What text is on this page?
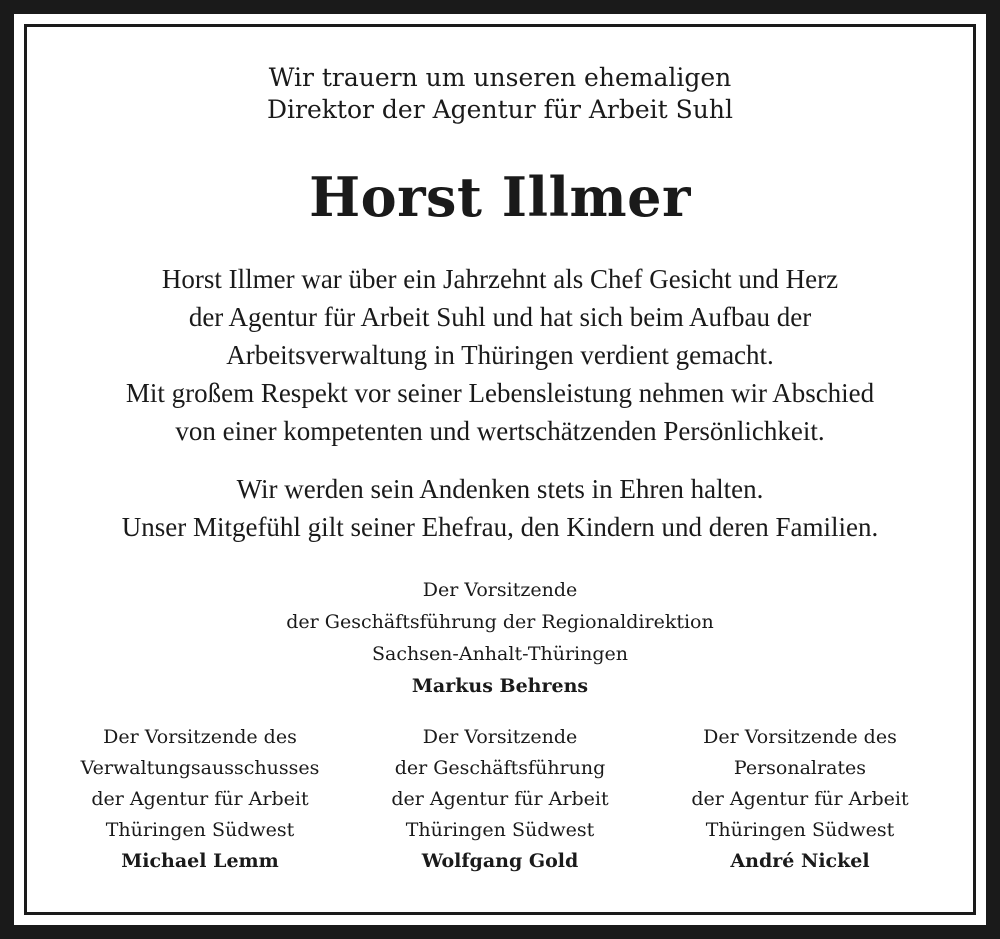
Wir trauern um unseren ehemaligen
Direktor der Agentur für Arbeit Suhl
Horst Illmer
Horst Illmer war über ein Jahrzehnt als Chef Gesicht und Herz
der Agentur für Arbeit Suhl und hat sich beim Aufbau der
Arbeitsverwaltung in Thüringen verdient gemacht.
Mit großem Respekt vor seiner Lebensleistung nehmen wir Abschied
von einer kompetenten und wertschätzenden Persönlichkeit.
Wir werden sein Andenken stets in Ehren halten.
Unser Mitgefühl gilt seiner Ehefrau, den Kindern und deren Familien.
Der Vorsitzende
der Geschäftsführung der Regionaldirektion
Sachsen-Anhalt-Thüringen
Markus Behrens
Der Vorsitzende des
Verwaltungsausschusses
der Agentur für Arbeit
Thüringen Südwest
Michael Lemm
Der Vorsitzende
der Geschäftsführung
der Agentur für Arbeit
Thüringen Südwest
Wolfgang Gold
Der Vorsitzende des
Personalrates
der Agentur für Arbeit
Thüringen Südwest
André Nickel
